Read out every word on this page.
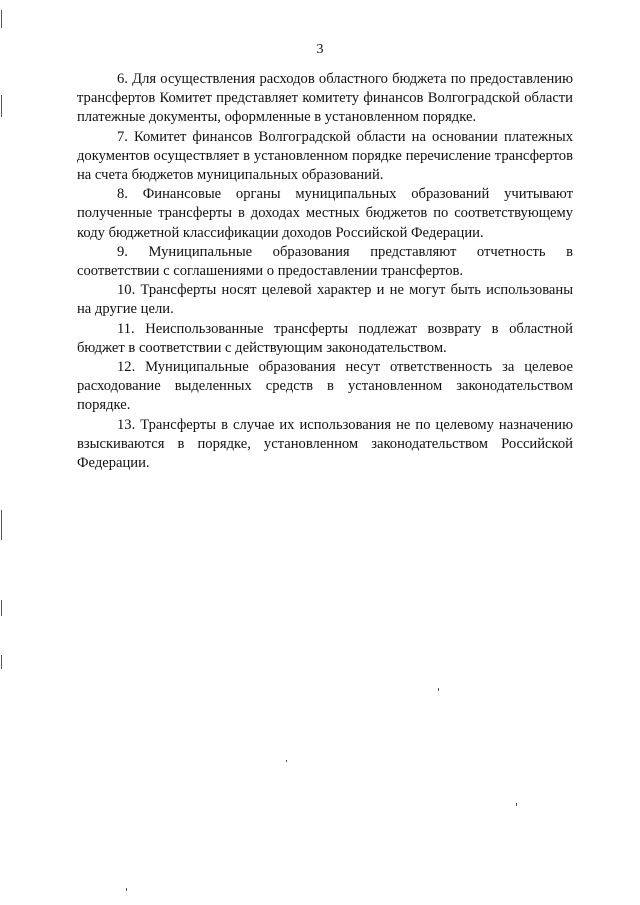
3

6. Для осуществления расходов областного бюджета по предоставлению трансфертов Комитет представляет комитету финансов Волгоградской области платежные документы, оформленные в установленном порядке.

7. Комитет финансов Волгоградской области на основании платежных документов осуществляет в установленном порядке перечисление трансфертов на счета бюджетов муниципальных образований.

8. Финансовые органы муниципальных образований учитывают полученные трансферты в доходах местных бюджетов по соответствующему коду бюджетной классификации доходов Российской Федерации.

9. Муниципальные образования представляют отчетность в соответствии с соглашениями о предоставлении трансфертов.

10. Трансферты носят целевой характер и не могут быть использованы на другие цели.

11. Неиспользованные трансферты подлежат возврату в областной бюджет в соответствии с действующим законодательством.

12. Муниципальные образования несут ответственность за целевое расходование выделенных средств в установленном законодательством порядке.

13. Трансферты в случае их использования не по целевому назначению взыскиваются в порядке, установленном законодательством Российской Федерации.
